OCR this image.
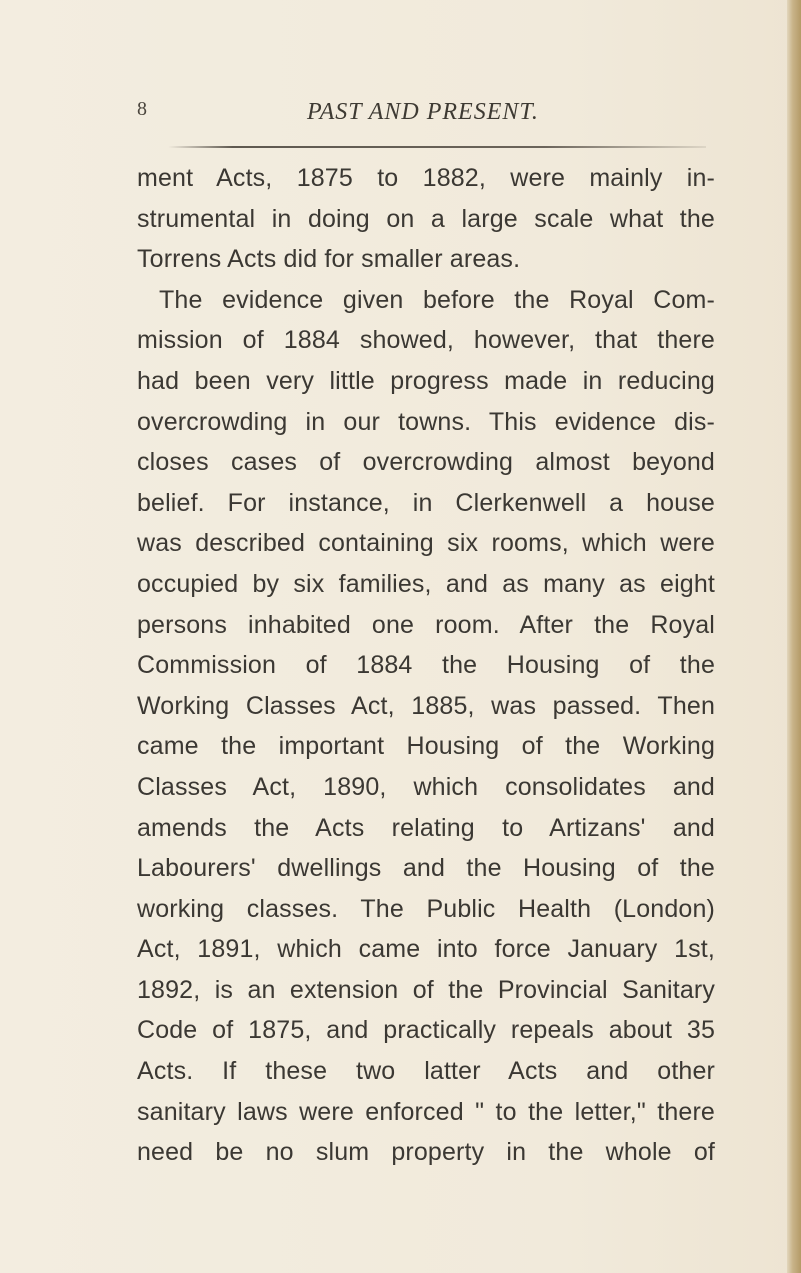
8	PAST AND PRESENT.
ment Acts, 1875 to 1882, were mainly in-
strumental in doing on a large scale what the
Torrens Acts did for smaller areas.
The evidence given before the Royal Com-
mission of 1884 showed, however, that there
had been very little progress made in reducing
overcrowding in our towns. This evidence dis-
closes cases of overcrowding almost beyond
belief. For instance, in Clerkenwell a house
was described containing six rooms, which were
occupied by six families, and as many as eight
persons inhabited one room. After the Royal
Commission of 1884 the Housing of the
Working Classes Act, 1885, was passed. Then
came the important Housing of the Working
Classes Act, 1890, which consolidates and
amends the Acts relating to Artizans' and
Labourers' dwellings and the Housing of the
working classes. The Public Health (London)
Act, 1891, which came into force January 1st,
1892, is an extension of the Provincial Sanitary
Code of 1875, and practically repeals about 35
Acts. If these two latter Acts and other
sanitary laws were enforced " to the letter," there
need be no slum property in the whole of
